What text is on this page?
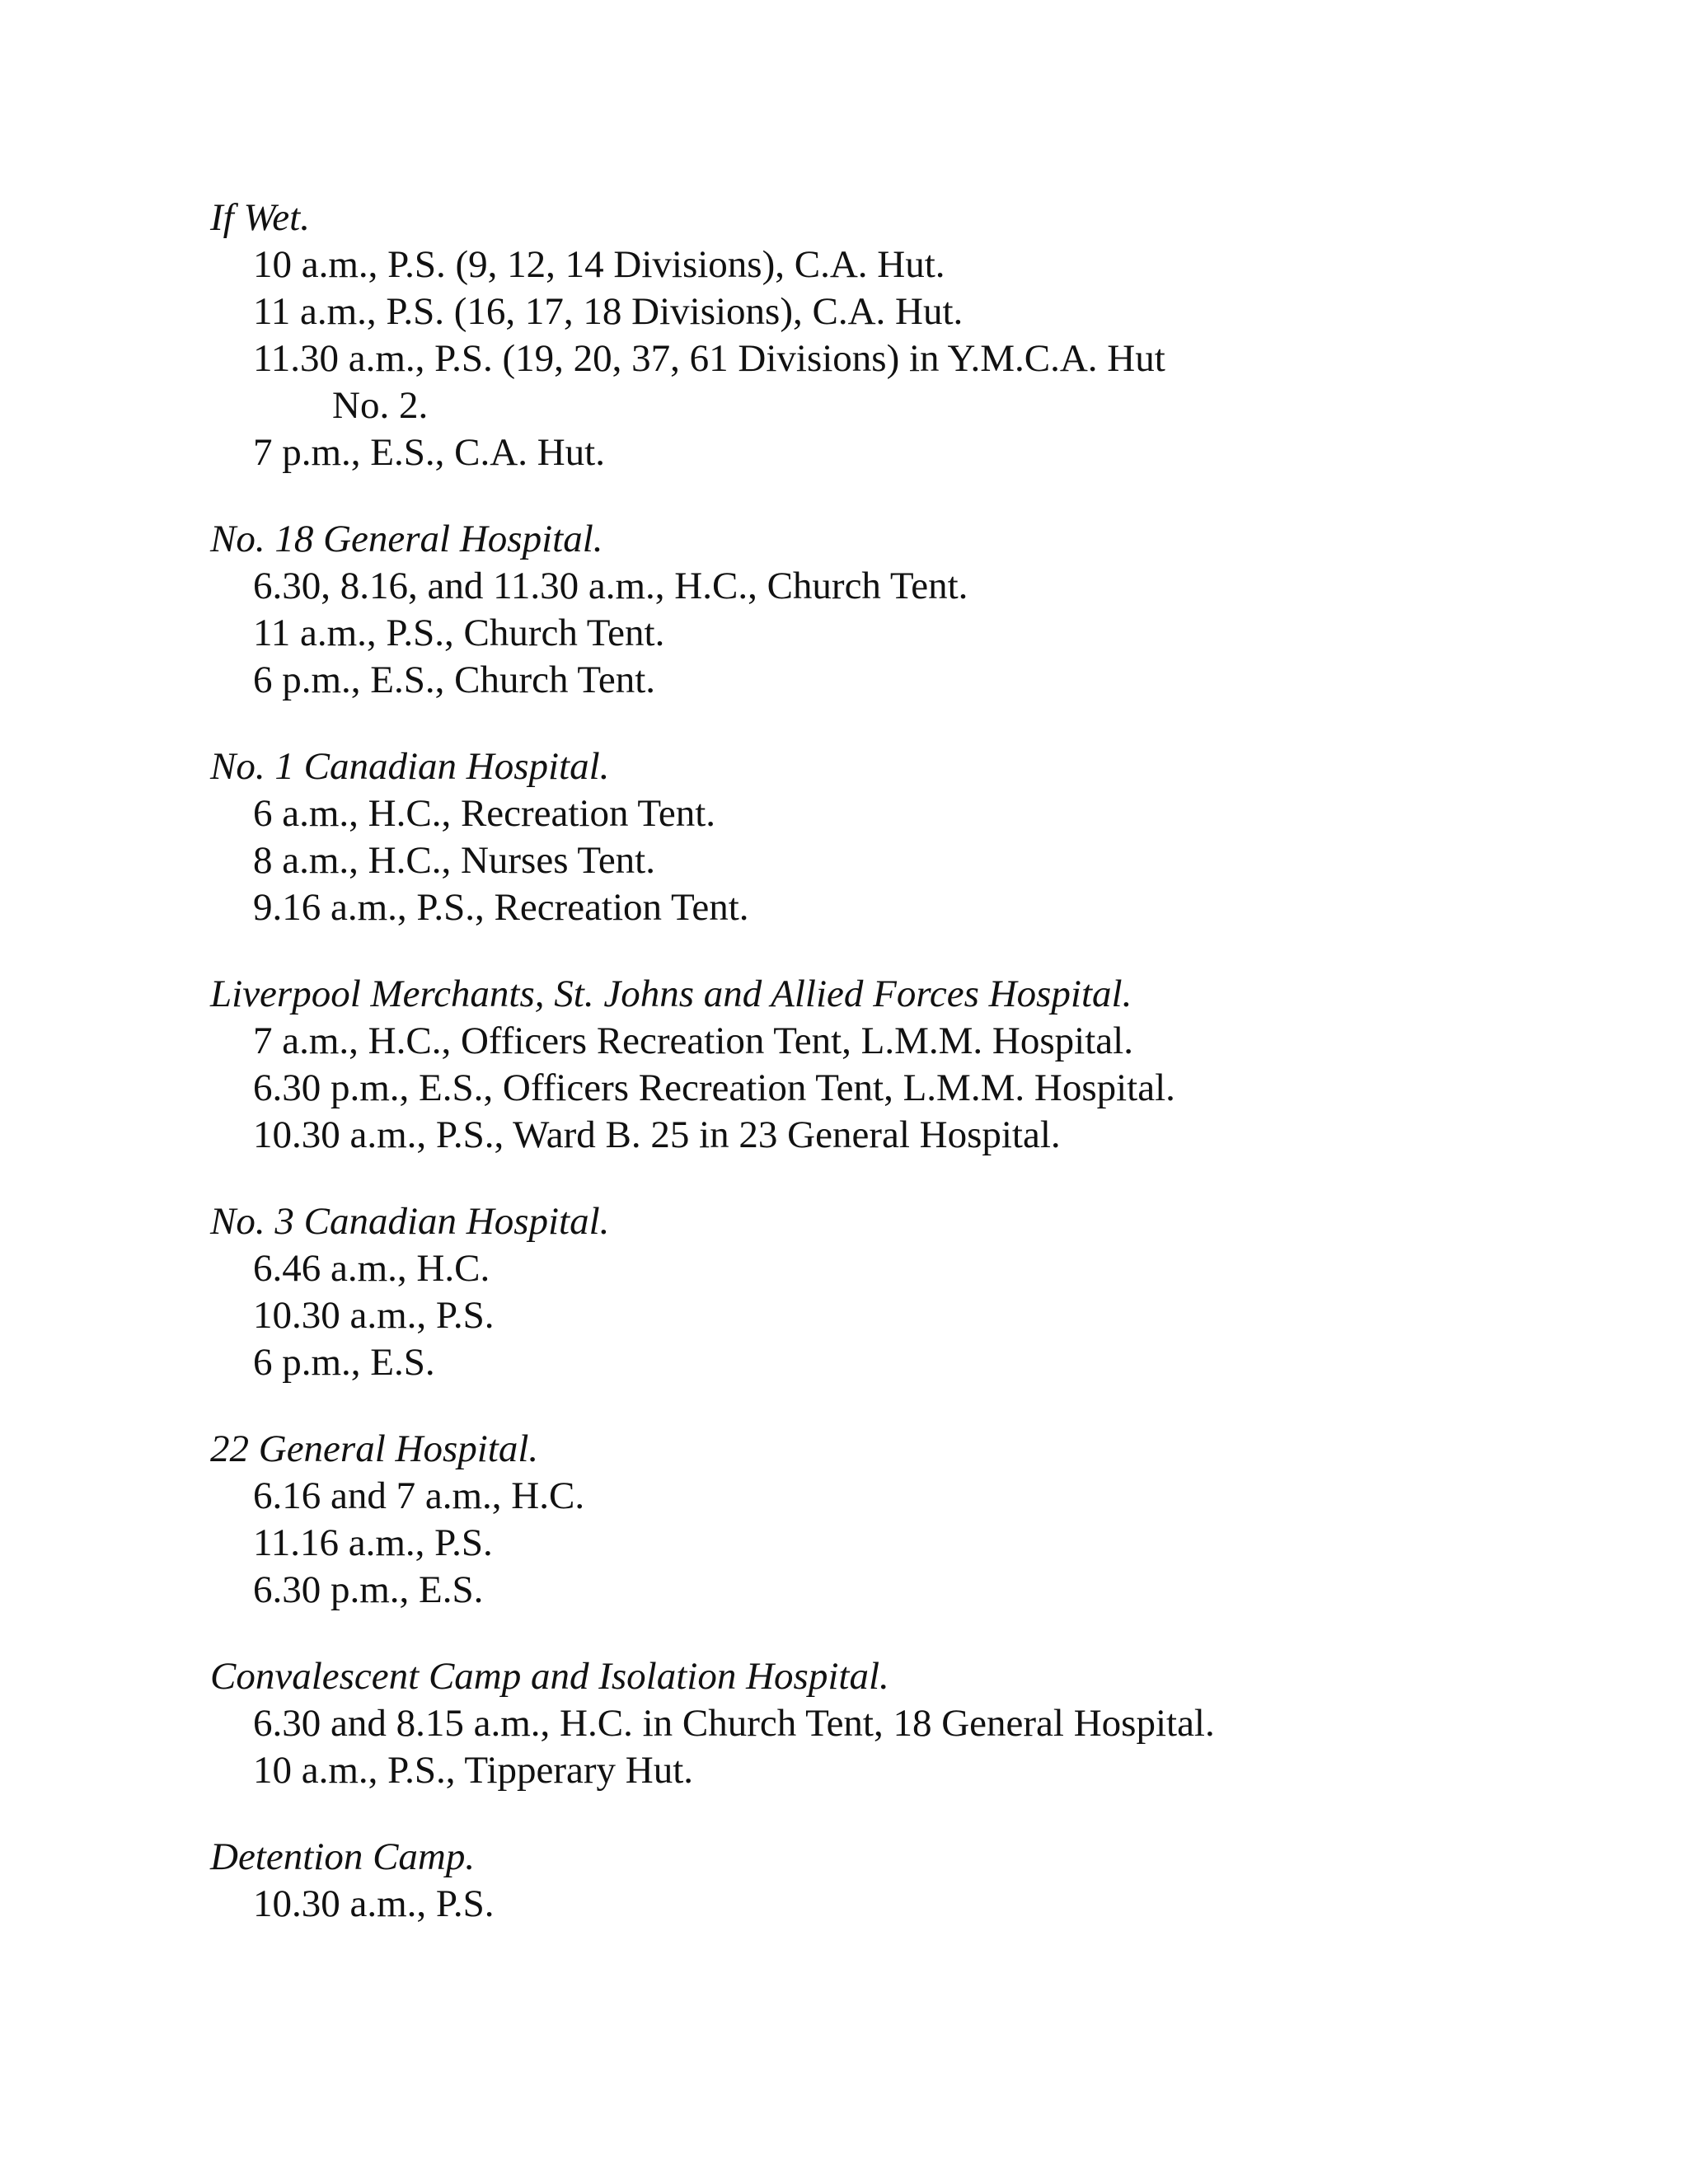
If Wet.
10 a.m., P.S. (9, 12, 14 Divisions), C.A. Hut.
11 a.m., P.S. (16, 17, 18 Divisions), C.A. Hut.
11.30 a.m., P.S. (19, 20, 37, 61 Divisions) in Y.M.C.A. Hut
No. 2.
7 p.m., E.S., C.A. Hut.
No. 18 General Hospital.
6.30, 8.16, and 11.30 a.m., H.C., Church Tent.
11 a.m., P.S., Church Tent.
6 p.m., E.S., Church Tent.
No. 1 Canadian Hospital.
6 a.m., H.C., Recreation Tent.
8 a.m., H.C., Nurses Tent.
9.16 a.m., P.S., Recreation Tent.
Liverpool Merchants, St. Johns and Allied Forces Hospital.
7 a.m., H.C., Officers Recreation Tent, L.M.M. Hospital.
6.30 p.m., E.S., Officers Recreation Tent, L.M.M. Hospital.
10.30 a.m., P.S., Ward B. 25 in 23 General Hospital.
No. 3 Canadian Hospital.
6.46 a.m., H.C.
10.30 a.m., P.S.
6 p.m., E.S.
22 General Hospital.
6.16 and 7 a.m., H.C.
11.16 a.m., P.S.
6.30 p.m., E.S.
Convalescent Camp and Isolation Hospital.
6.30 and 8.15 a.m., H.C. in Church Tent, 18 General Hospital.
10 a.m., P.S., Tipperary Hut.
Detention Camp.
10.30 a.m., P.S.
